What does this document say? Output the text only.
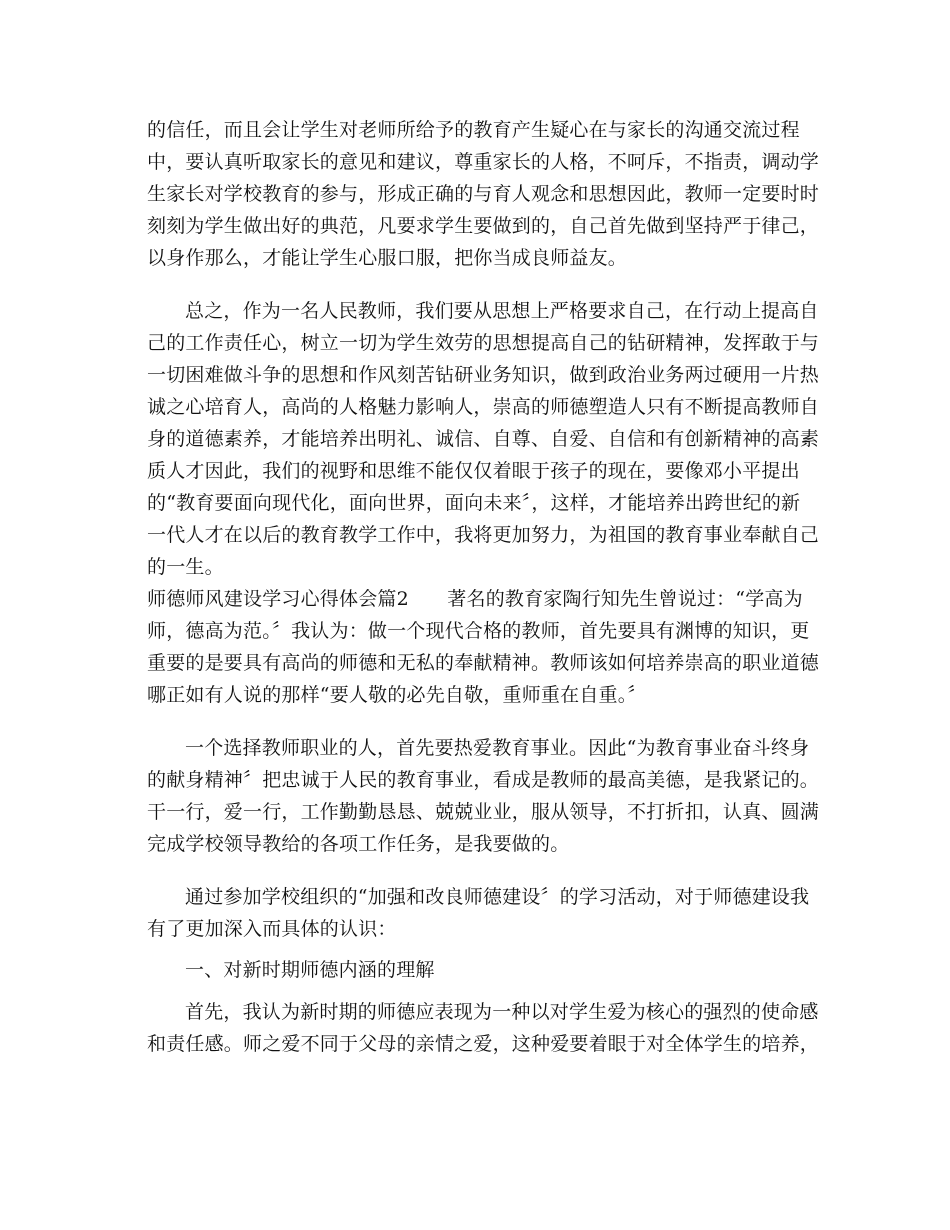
的信任，而且会让学生对老师所给予的教育产生疑心在与家长的沟通交流过程

中，要认真听取家长的意见和建议，尊重家长的人格，不呵斥，不指责，调动学

生家长对学校教育的参与，形成正确的与育人观念和思想因此，教师一定要时时

刻刻为学生做出好的典范，凡要求学生要做到的，自己首先做到坚持严于律己，

以身作那么，才能让学生心服口服，把你当成良师益友。

总之，作为一名人民教师，我们要从思想上严格要求自己，在行动上提高自

己的工作责任心，树立一切为学生效劳的思想提高自己的钻研精神，发挥敢于与

一切困难做斗争的思想和作风刻苦钻研业务知识，做到政治业务两过硬用一片热

诚之心培育人，高尚的人格魅力影响人，崇高的师德塑造人只有不断提高教师自

身的道德素养，才能培养出明礼、诚信、自尊、自爱、自信和有创新精神的高素

质人才因此，我们的视野和思维不能仅仅着眼于孩子的现在，要像邓小平提出

的“教育要面向现代化，面向世界，面向未来〞，这样，才能培养出跨世纪的新

一代人才在以后的教育教学工作中，我将更加努力，为祖国的教育事业奉献自己

的一生。

师德师风建设学习心得体会篇2　　著名的教育家陶行知先生曾说过：“学高为

师，德高为范。〞我认为：做一个现代合格的教师，首先要具有渊博的知识，更

重要的是要具有高尚的师德和无私的奉献精神。教师该如何培养崇高的职业道德

哪正如有人说的那样“要人敬的必先自敬，重师重在自重。〞

一个选择教师职业的人，首先要热爱教育事业。因此“为教育事业奋斗终身

的献身精神〞把忠诚于人民的教育事业，看成是教师的最高美德，是我紧记的。

干一行，爱一行，工作勤勤恳恳、兢兢业业，服从领导，不打折扣，认真、圆满

完成学校领导教给的各项工作任务，是我要做的。

通过参加学校组织的“加强和改良师德建设〞的学习活动，对于师德建设我

有了更加深入而具体的认识：

一、对新时期师德内涵的理解

首先，我认为新时期的师德应表现为一种以对学生爱为核心的强烈的使命感

和责任感。师之爱不同于父母的亲情之爱，这种爱要着眼于对全体学生的培养，
